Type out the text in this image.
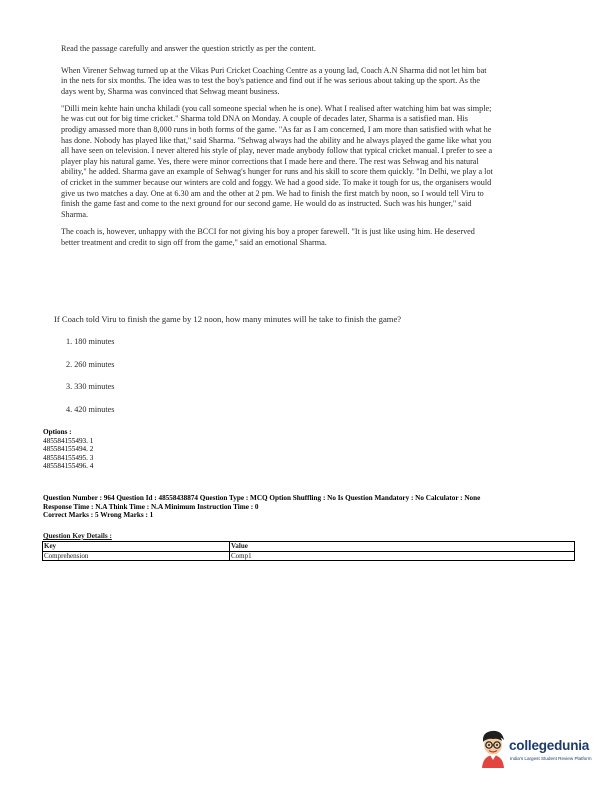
Read the passage carefully and answer the question strictly as per the content.

When Virener Sehwag turned up at the Vikas Puri Cricket Coaching Centre as a young lad, Coach A.N Sharma did not let him bat in the nets for six months. The idea was to test the boy's patience and find out if he was serious about taking up the sport. As the days went by, Sharma was convinced that Sehwag meant business.

"Dilli mein kehte hain uncha khiladi (you call someone special when he is one). What I realised after watching him bat was simple; he was cut out for big time cricket." Sharma told DNA on Monday. A couple of decades later, Sharma is a satisfied man. His prodigy amassed more than 8,000 runs in both forms of the game. "As far as I am concerned, I am more than satisfied with what he has done. Nobody has played like that," said Sharma. "Sehwag always had the ability and he always played the game like what you all have seen on television. I never altered his style of play, never made anybody follow that typical cricket manual. I prefer to see a player play his natural game. Yes, there were minor corrections that I made here and there. The rest was Sehwag and his natural ability," he added. Sharma gave an example of Sehwag's hunger for runs and his skill to score them quickly. "In Delhi, we play a lot of cricket in the summer because our winters are cold and foggy. We had a good side. To make it tough for us, the organisers would give us two matches a day. One at 6.30 am and the other at 2 pm. We had to finish the first match by noon, so I would tell Viru to finish the game fast and come to the next ground for our second game. He would do as instructed. Such was his hunger," said Sharma.

The coach is, however, unhappy with the BCCI for not giving his boy a proper farewell. "It is just like using him. He deserved better treatment and credit to sign off from the game," said an emotional Sharma.

If Coach told Viru to finish the game by 12 noon, how many minutes will he take to finish the game?
1. 180 minutes
2. 260 minutes
3. 330 minutes
4. 420 minutes
Options :
485584155493. 1
485584155494. 2
485584155495. 3
485584155496. 4
Question Number : 964 Question Id : 48558438874 Question Type : MCQ Option Shuffling : No Is Question Mandatory : No Calculator : None
Response Time : N.A Think Time : N.A Minimum Instruction Time : 0
Correct Marks : 5 Wrong Marks : 1
Question Key Details :
Key	Value
Comprehension	Comp1
collegedunia
India's Largest Student Review Platform
